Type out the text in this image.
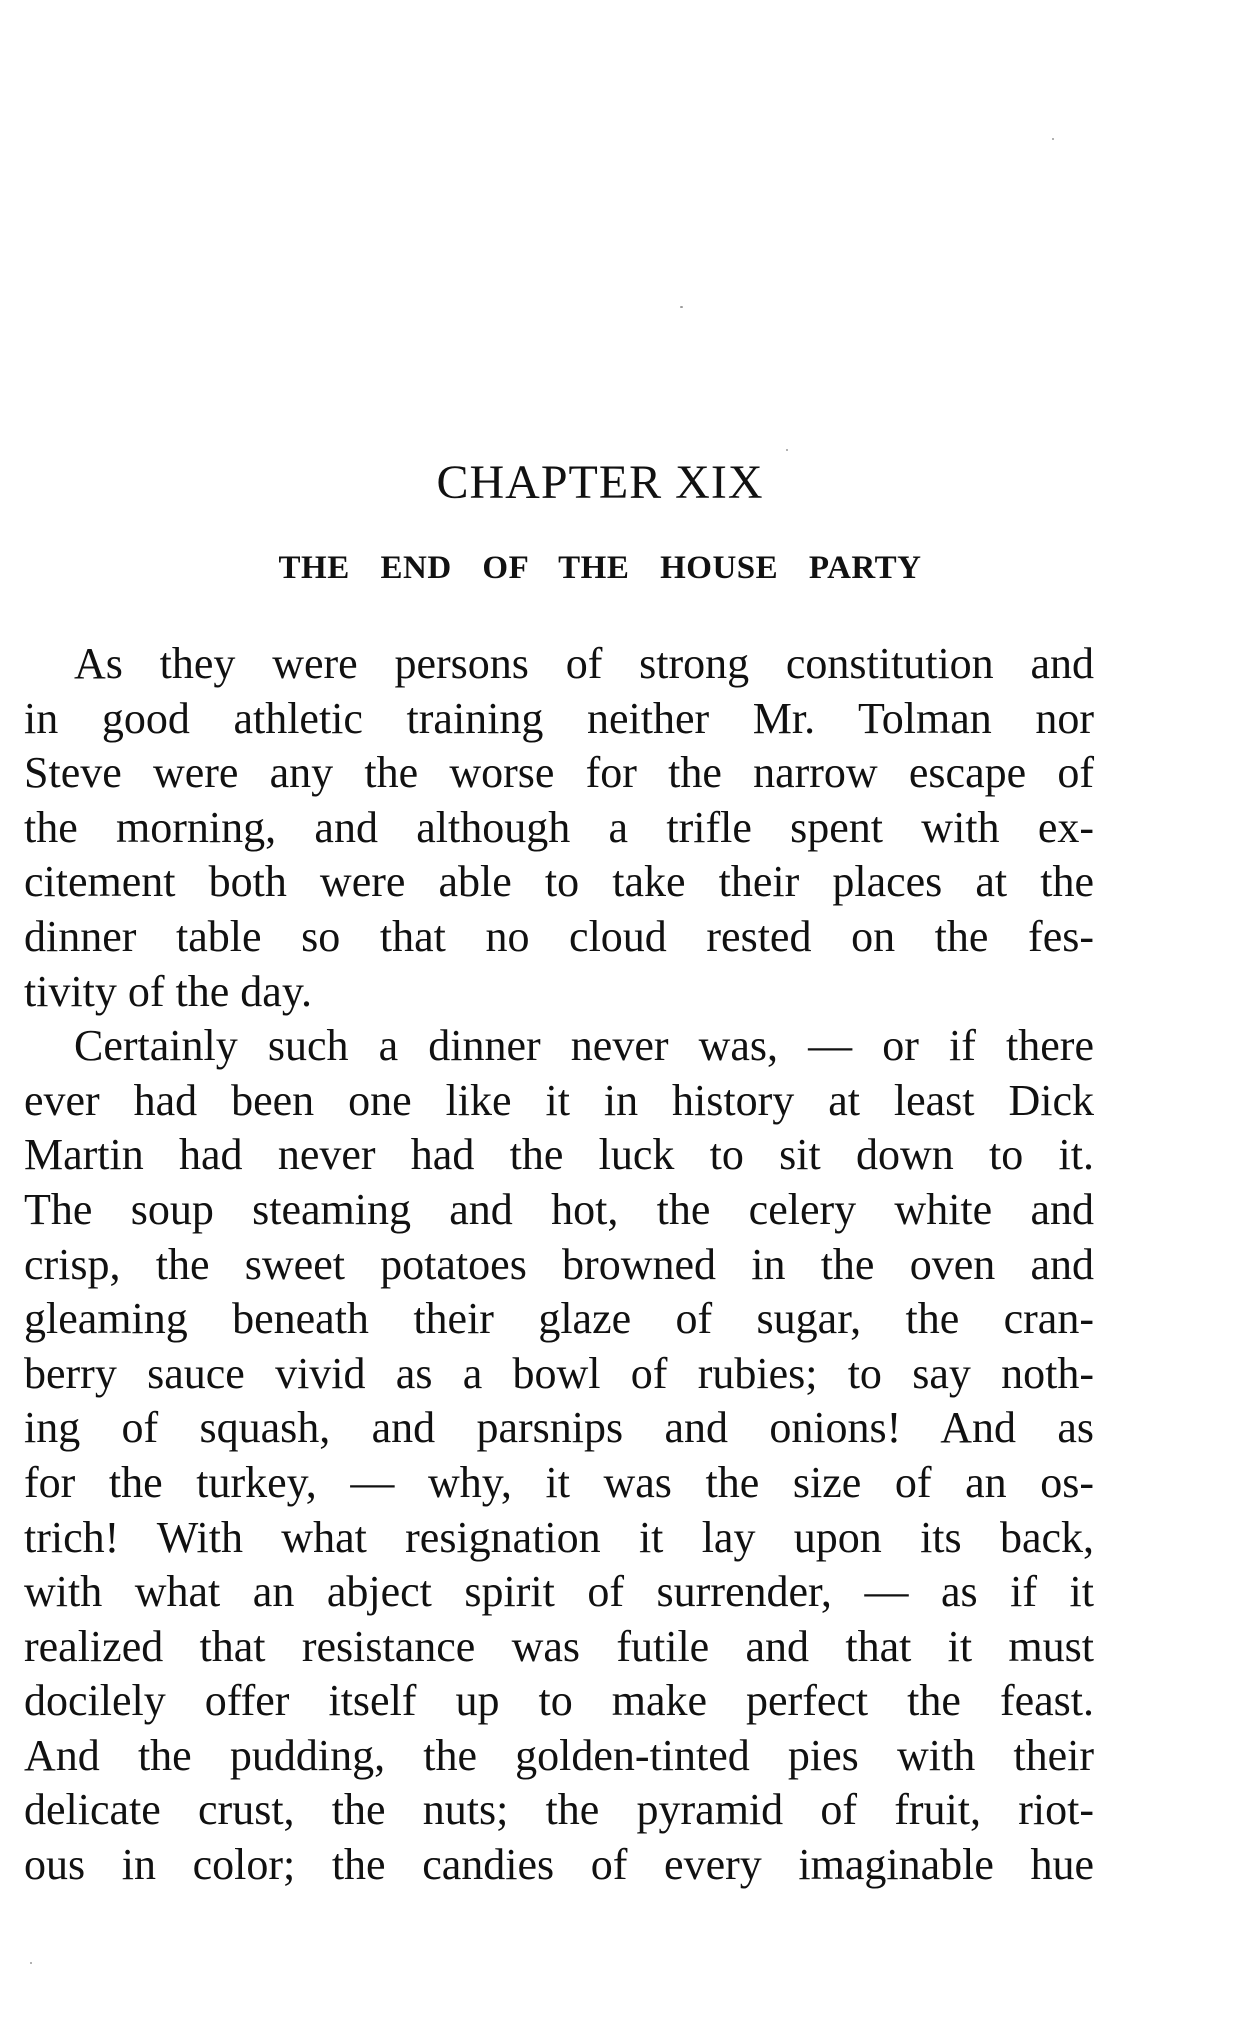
CHAPTER XIX
THE END OF THE HOUSE PARTY
As they were persons of strong constitution and
in good athletic training neither Mr. Tolman nor
Steve were any the worse for the narrow escape of
the morning, and although a trifle spent with ex-
citement both were able to take their places at the
dinner table so that no cloud rested on the fes-
tivity of the day.
Certainly such a dinner never was, — or if there
ever had been one like it in history at least Dick
Martin had never had the luck to sit down to it.
The soup steaming and hot, the celery white and
crisp, the sweet potatoes browned in the oven and
gleaming beneath their glaze of sugar, the cran-
berry sauce vivid as a bowl of rubies; to say noth-
ing of squash, and parsnips and onions! And as
for the turkey, — why, it was the size of an os-
trich! With what resignation it lay upon its back,
with what an abject spirit of surrender, — as if it
realized that resistance was futile and that it must
docilely offer itself up to make perfect the feast.
And the pudding, the golden-tinted pies with their
delicate crust, the nuts; the pyramid of fruit, riot-
ous in color; the candies of every imaginable hue
